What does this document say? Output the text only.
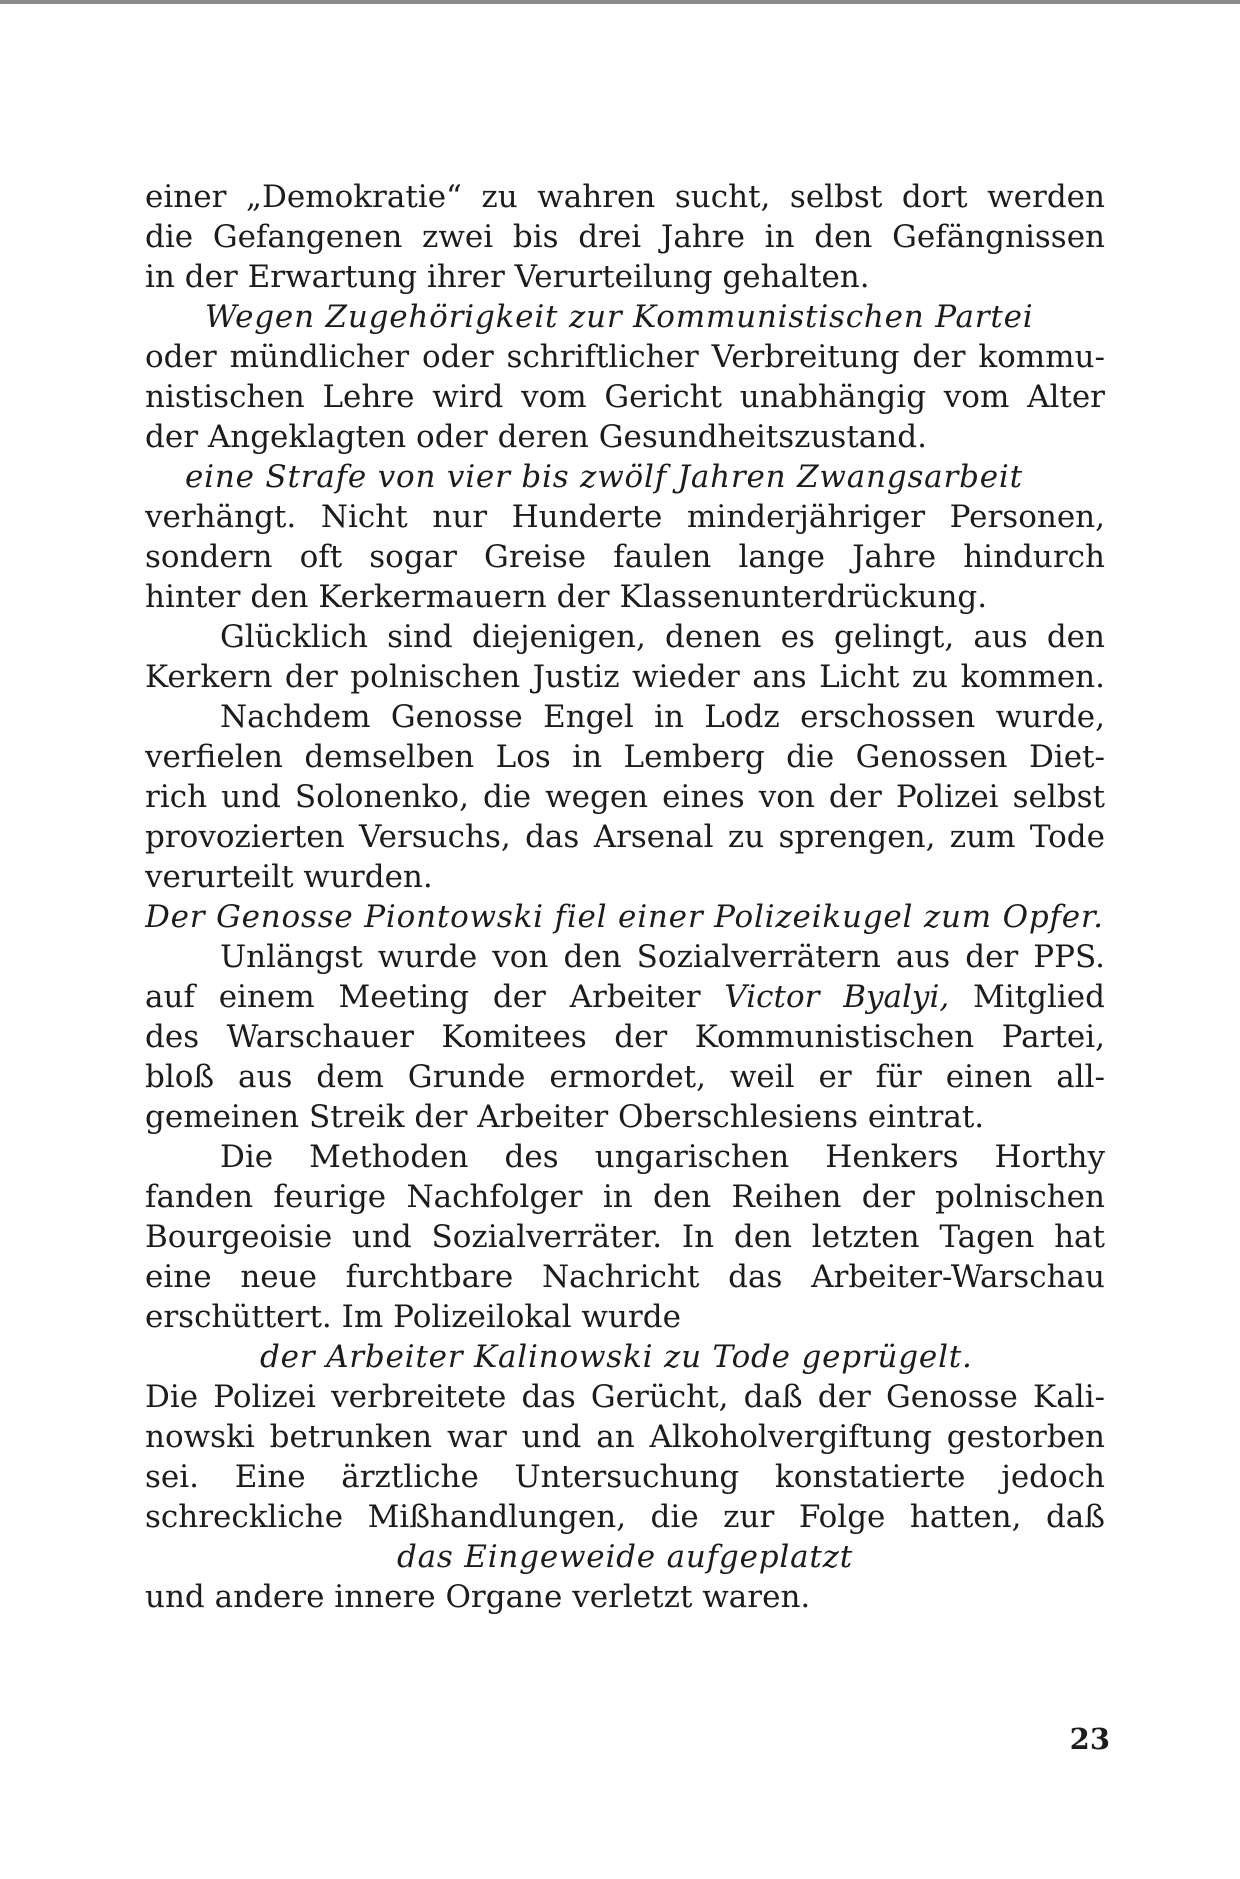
einer „Demokratie“ zu wahren sucht, selbst dort werden
die Gefangenen zwei bis drei Jahre in den Gefängnissen
in der Erwartung ihrer Verurteilung gehalten.
Wegen Zugehörigkeit zur Kommunistischen Partei
oder mündlicher oder schriftlicher Verbreitung der kommu-
nistischen Lehre wird vom Gericht unabhängig vom Alter
der Angeklagten oder deren Gesundheitszustand.
eine Strafe von vier bis zwölf Jahren Zwangsarbeit
verhängt. Nicht nur Hunderte minderjähriger Personen,
sondern oft sogar Greise faulen lange Jahre hindurch
hinter den Kerkermauern der Klassenunterdrückung.
Glücklich sind diejenigen, denen es gelingt, aus den
Kerkern der polnischen Justiz wieder ans Licht zu kommen.
Nachdem Genosse Engel in Lodz erschossen wurde,
verfielen demselben Los in Lemberg die Genossen Diet-
rich und Solonenko, die wegen eines von der Polizei selbst
provozierten Versuchs, das Arsenal zu sprengen, zum Tode
verurteilt wurden.
Der Genosse Piontowski fiel einer Polizeikugel zum Opfer.
Unlängst wurde von den Sozialverrätern aus der PPS.
auf einem Meeting der Arbeiter Victor Byalyi, Mitglied
des Warschauer Komitees der Kommunistischen Partei,
bloß aus dem Grunde ermordet, weil er für einen all-
gemeinen Streik der Arbeiter Oberschlesiens eintrat.
Die Methoden des ungarischen Henkers Horthy
fanden feurige Nachfolger in den Reihen der polnischen
Bourgeoisie und Sozialverräter. In den letzten Tagen hat
eine neue furchtbare Nachricht das Arbeiter-Warschau
erschüttert. Im Polizeilokal wurde
der Arbeiter Kalinowski zu Tode geprügelt.
Die Polizei verbreitete das Gerücht, daß der Genosse Kali-
nowski betrunken war und an Alkoholvergiftung gestorben
sei. Eine ärztliche Untersuchung konstatierte jedoch
schreckliche Mißhandlungen, die zur Folge hatten, daß
das Eingeweide aufgeplatzt
und andere innere Organe verletzt waren.
23
